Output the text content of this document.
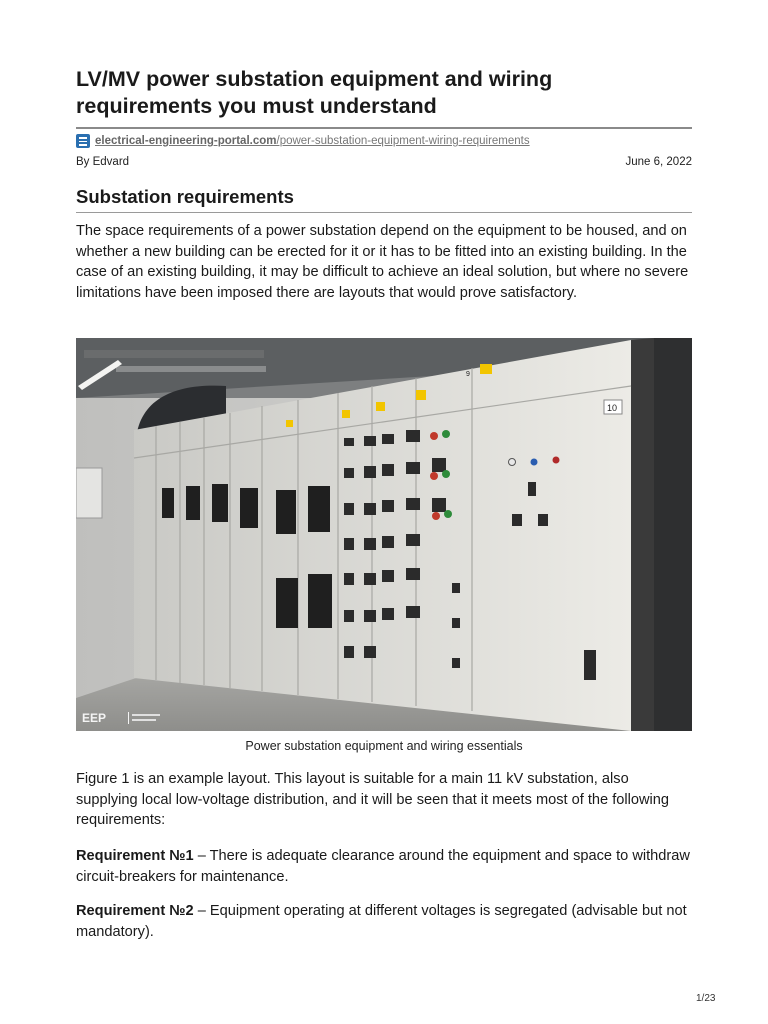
LV/MV power substation equipment and wiring requirements you must understand
electrical-engineering-portal.com/power-substation-equipment-wiring-requirements
By Edvard	June 6, 2022
Substation requirements

The space requirements of a power substation depend on the equipment to be housed, and on whether a new building can be erected for it or it has to be fitted into an existing building. In the case of an existing building, it may be difficult to achieve an ideal solution, but where no severe limitations have been imposed there are layouts that would prove satisfactory.

10
9
EEP
Power substation equipment and wiring essentials

Figure 1 is an example layout. This layout is suitable for a main 11 kV substation, also supplying local low-voltage distribution, and it will be seen that it meets most of the following requirements:

Requirement №1 – There is adequate clearance around the equipment and space to withdraw circuit-breakers for maintenance.

Requirement №2 – Equipment operating at different voltages is segregated (advisable but not mandatory).

1/23
